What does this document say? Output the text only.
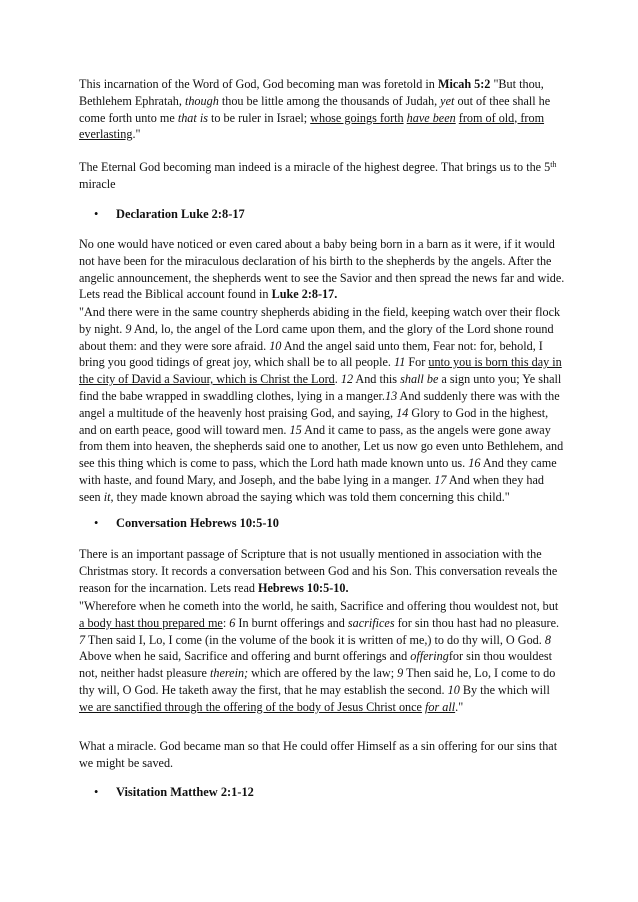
This incarnation of the Word of God, God becoming man was foretold in Micah 5:2 "But thou, Bethlehem Ephratah, though thou be little among the thousands of Judah, yet out of thee shall he come forth unto me that is to be ruler in Israel; whose goings forth have been from of old, from everlasting."

The Eternal God becoming man indeed is a miracle of the highest degree. That brings us to the 5th miracle

• Declaration Luke 2:8-17

No one would have noticed or even cared about a baby being born in a barn as it were, if it would not have been for the miraculous declaration of his birth to the shepherds by the angels. After the angelic announcement, the shepherds went to see the Savior and then spread the news far and wide. Lets read the Biblical account found in Luke 2:8-17.

"And there were in the same country shepherds abiding in the field, keeping watch over their flock by night. 9 And, lo, the angel of the Lord came upon them, and the glory of the Lord shone round about them: and they were sore afraid. 10 And the angel said unto them, Fear not: for, behold, I bring you good tidings of great joy, which shall be to all people. 11 For unto you is born this day in the city of David a Saviour, which is Christ the Lord. 12 And this shall be a sign unto you; Ye shall find the babe wrapped in swaddling clothes, lying in a manger.13 And suddenly there was with the angel a multitude of the heavenly host praising God, and saying, 14 Glory to God in the highest, and on earth peace, good will toward men. 15 And it came to pass, as the angels were gone away from them into heaven, the shepherds said one to another, Let us now go even unto Bethlehem, and see this thing which is come to pass, which the Lord hath made known unto us. 16 And they came with haste, and found Mary, and Joseph, and the babe lying in a manger. 17 And when they had seen it, they made known abroad the saying which was told them concerning this child."

• Conversation Hebrews 10:5-10

There is an important passage of Scripture that is not usually mentioned in association with the Christmas story. It records a conversation between God and his Son. This conversation reveals the reason for the incarnation. Lets read Hebrews 10:5-10.

"Wherefore when he cometh into the world, he saith, Sacrifice and offering thou wouldest not, but a body hast thou prepared me: 6 In burnt offerings and sacrifices for sin thou hast had no pleasure. 7 Then said I, Lo, I come (in the volume of the book it is written of me,) to do thy will, O God. 8 Above when he said, Sacrifice and offering and burnt offerings and offeringfor sin thou wouldest not, neither hadst pleasure therein; which are offered by the law; 9 Then said he, Lo, I come to do thy will, O God. He taketh away the first, that he may establish the second. 10 By the which will we are sanctified through the offering of the body of Jesus Christ once for all."

What a miracle. God became man so that He could offer Himself as a sin offering for our sins that we might be saved.

• Visitation Matthew 2:1-12
